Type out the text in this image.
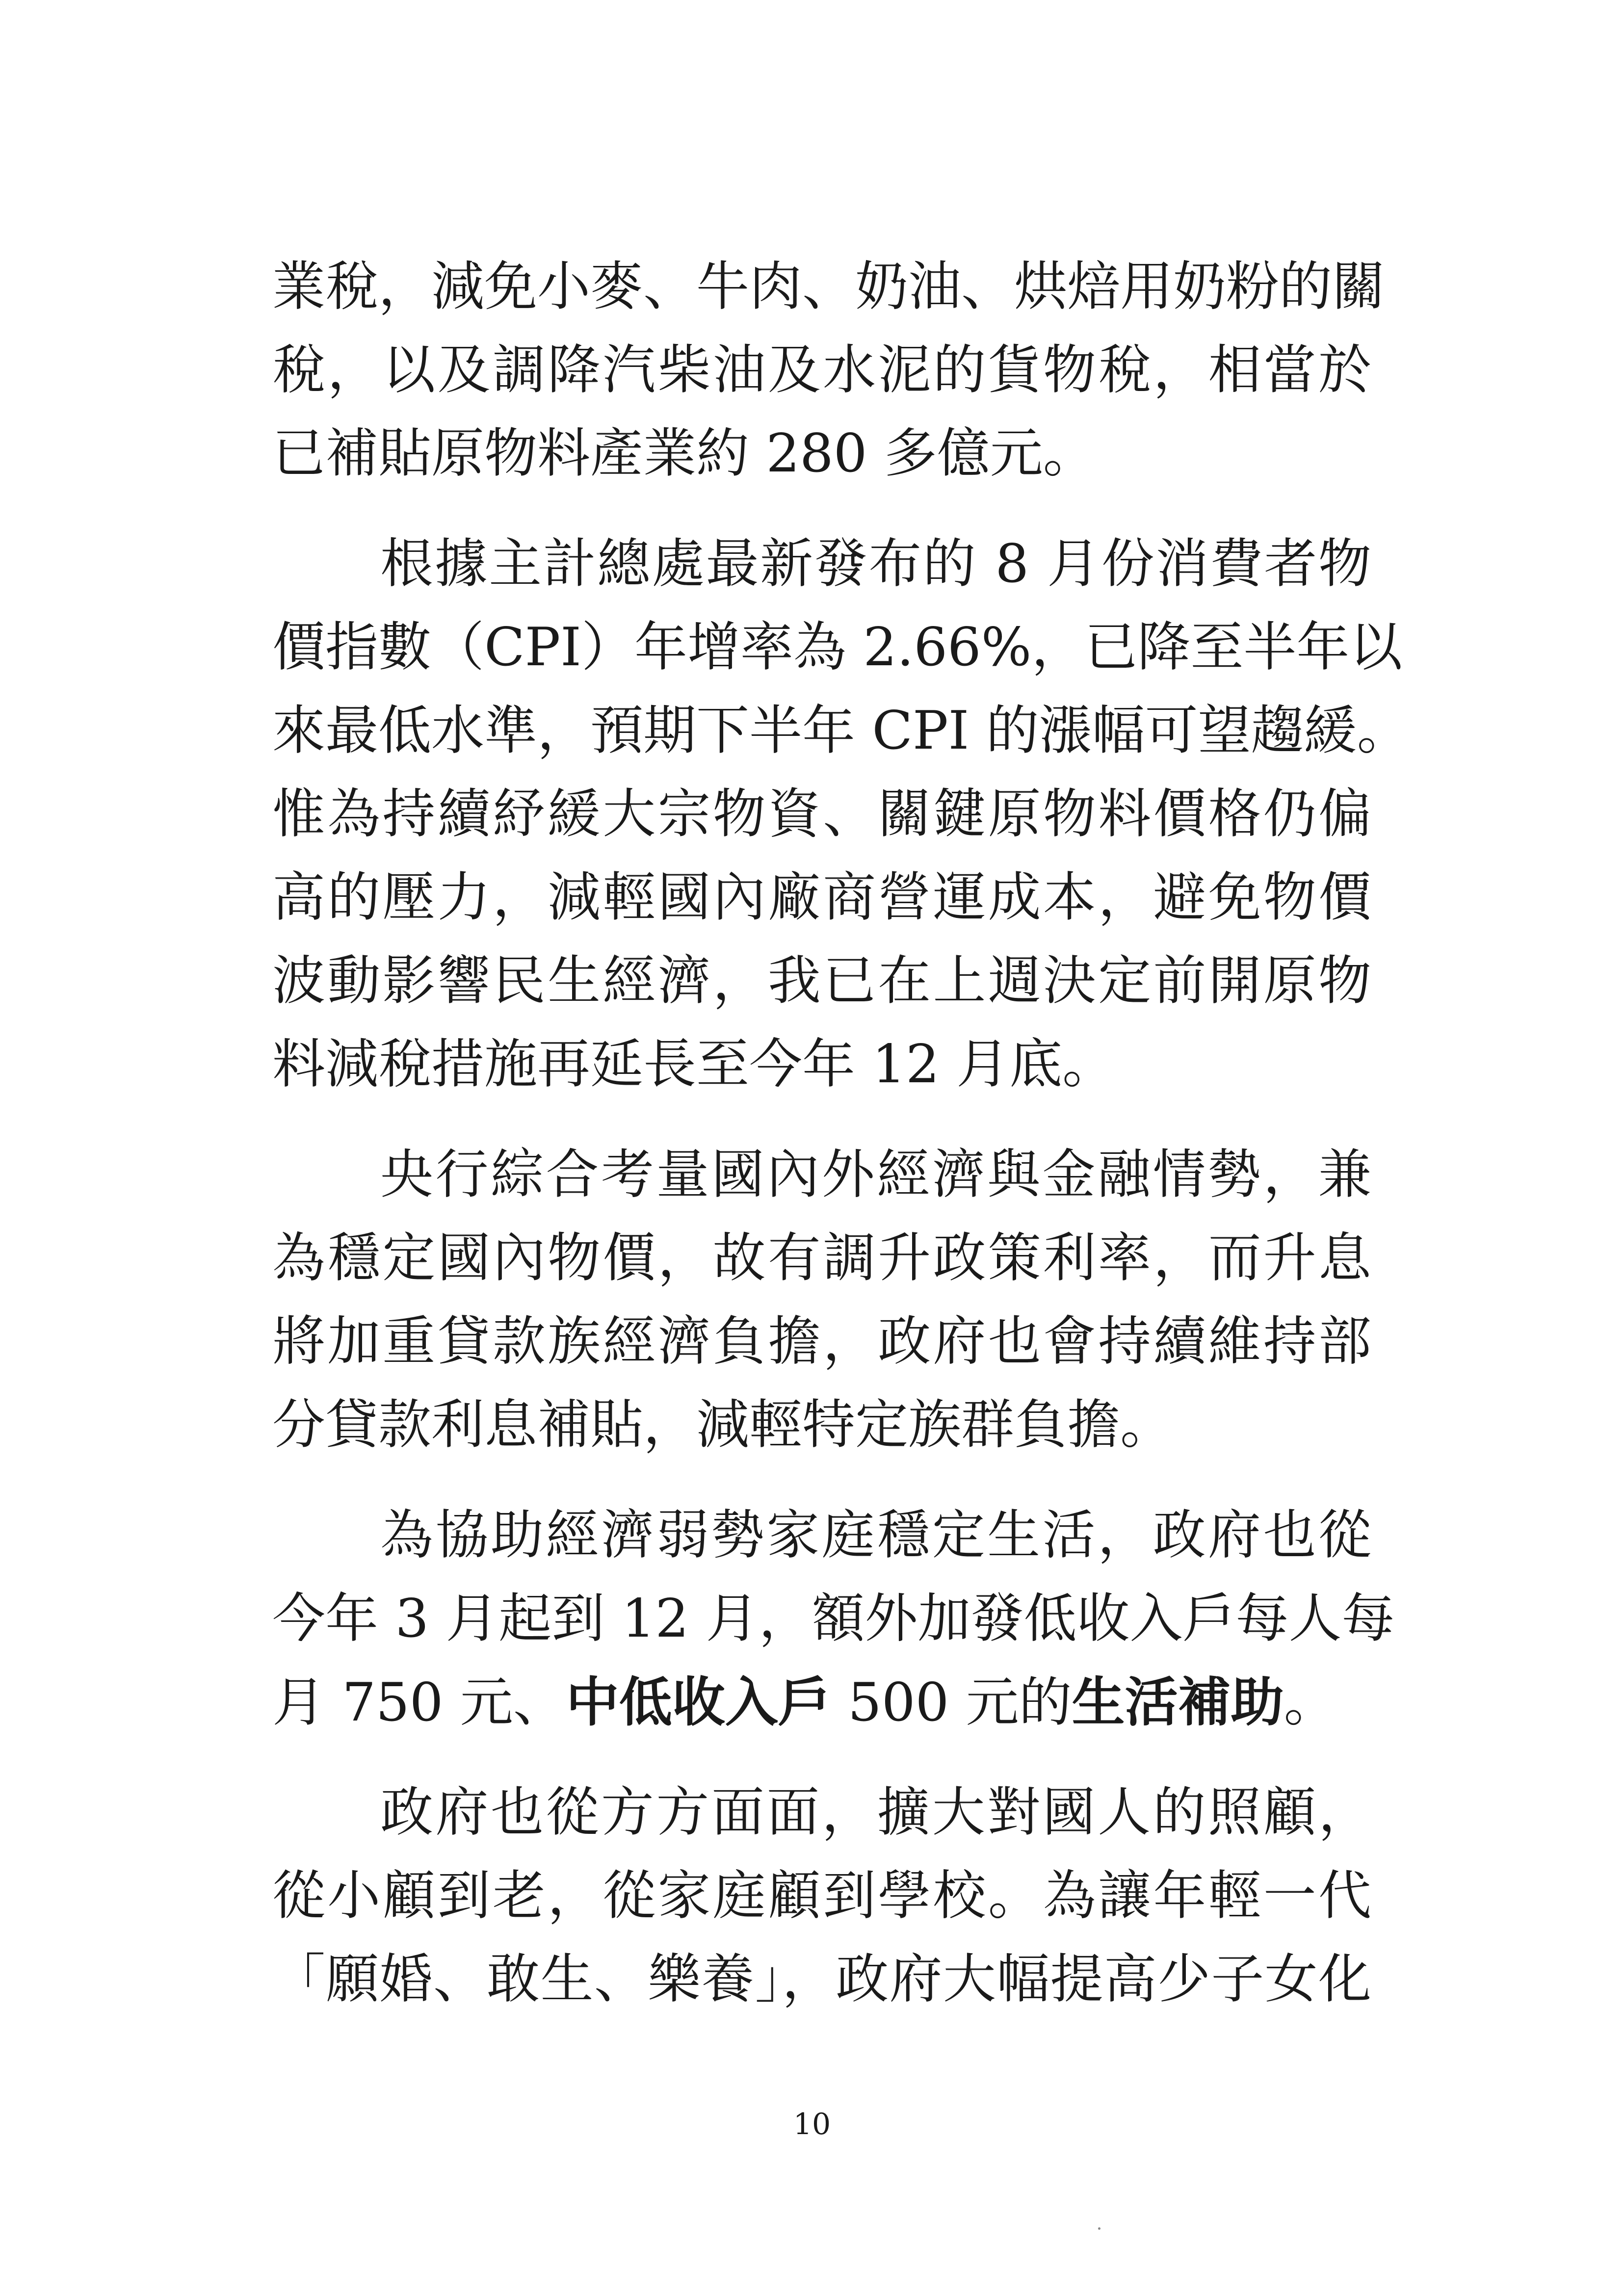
業稅，減免小麥、牛肉、奶油、烘焙用奶粉的關
稅，以及調降汽柴油及水泥的貨物稅，相當於
已補貼原物料產業約 280 多億元。
根據主計總處最新發布的 8 月份消費者物
價指數（CPI）年增率為 2.66%，已降至半年以
來最低水準，預期下半年 CPI 的漲幅可望趨緩。
惟為持續紓緩大宗物資、關鍵原物料價格仍偏
高的壓力，減輕國內廠商營運成本，避免物價
波動影響民生經濟，我已在上週決定前開原物
料減稅措施再延長至今年 12 月底。
央行綜合考量國內外經濟與金融情勢，兼
為穩定國內物價，故有調升政策利率，而升息
將加重貸款族經濟負擔，政府也會持續維持部
分貸款利息補貼，減輕特定族群負擔。
為協助經濟弱勢家庭穩定生活，政府也從
今年 3 月起到 12 月，額外加發低收入戶每人每
月 750 元、中低收入戶 500 元的生活補助。
政府也從方方面面，擴大對國人的照顧，
從小顧到老，從家庭顧到學校。為讓年輕一代
「願婚、敢生、樂養」，政府大幅提高少子女化
10
